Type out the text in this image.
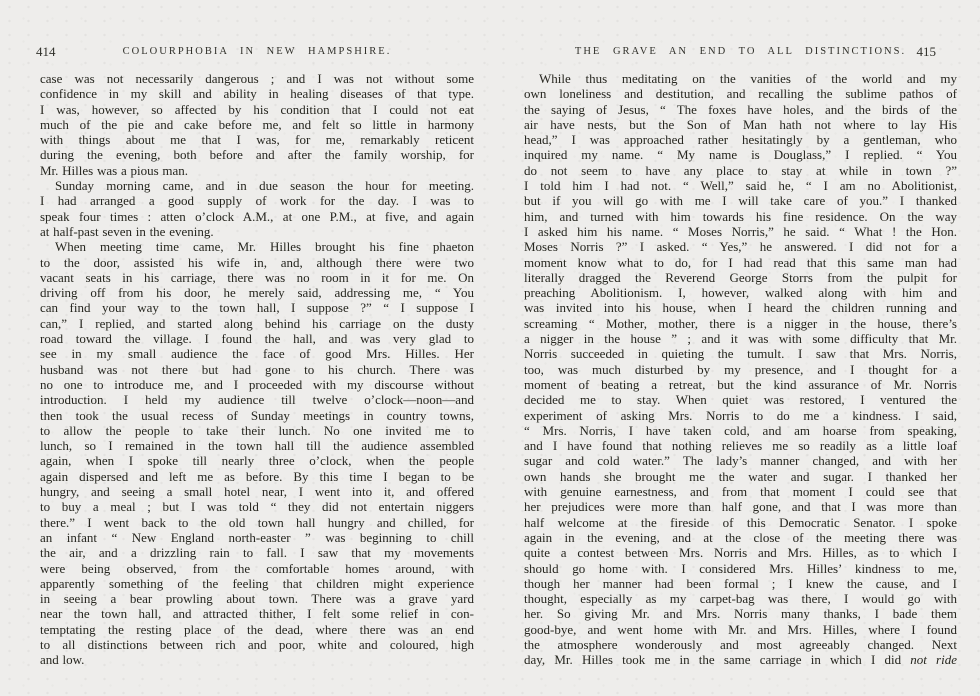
414	COLOURPHOBIA IN NEW HAMPSHIRE.
case was not necessarily dangerous ; and I was not without some
confidence in my skill and ability in healing diseases of that type.
I was, however, so affected by his condition that I could not eat
much of the pie and cake before me, and felt so little in harmony
with things about me that I was, for me, remarkably reticent
during the evening, both before and after the family worship, for
Mr. Hilles was a pious man.
Sunday morning came, and in due season the hour for meeting.
I had arranged a good supply of work for the day. I was to
speak four times : atten o’clock A.M., at one P.M., at five, and again
at half-past seven in the evening.
When meeting time came, Mr. Hilles brought his fine phaeton
to the door, assisted his wife in, and, although there were two
vacant seats in his carriage, there was no room in it for me. On
driving off from his door, he merely said, addressing me, “ You
can find your way to the town hall, I suppose ?” “ I suppose I
can,” I replied, and started along behind his carriage on the dusty
road toward the village. I found the hall, and was very glad to
see in my small audience the face of good Mrs. Hilles. Her
husband was not there but had gone to his church. There was
no one to introduce me, and I proceeded with my discourse without
introduction. I held my audience till twelve o’clock—noon—and
then took the usual recess of Sunday meetings in country towns,
to allow the people to take their lunch. No one invited me to
lunch, so I remained in the town hall till the audience assembled
again, when I spoke till nearly three o’clock, when the people
again dispersed and left me as before. By this time I began to be
hungry, and seeing a small hotel near, I went into it, and offered
to buy a meal ; but I was told “ they did not entertain niggers
there.” I went back to the old town hall hungry and chilled, for
an infant “ New England north-easter ” was beginning to chill
the air, and a drizzling rain to fall. I saw that my movements
were being observed, from the comfortable homes around, with
apparently something of the feeling that children might experience
in seeing a bear prowling about town. There was a grave yard
near the town hall, and attracted thither, I felt some relief in con-
temptating the resting place of the dead, where there was an end
to all distinctions between rich and poor, white and coloured, high
and low.
THE GRAVE AN END TO ALL DISTINCTIONS. 415
While thus meditating on the vanities of the world and my
own loneliness and destitution, and recalling the sublime pathos of
the saying of Jesus, “ The foxes have holes, and the birds of the
air have nests, but the Son of Man hath not where to lay His
head,” I was approached rather hesitatingly by a gentleman, who
inquired my name. “ My name is Douglass,” I replied. “ You
do not seem to have any place to stay at while in town ?”
I told him I had not. “ Well,” said he, “ I am no Abolitionist,
but if you will go with me I will take care of you.” I thanked
him, and turned with him towards his fine residence. On the way
I asked him his name. “ Moses Norris,” he said. “ What ! the Hon.
Moses Norris ?” I asked. “ Yes,” he answered. I did not for a
moment know what to do, for I had read that this same man had
literally dragged the Reverend George Storrs from the pulpit for
preaching Abolitionism. I, however, walked along with him and
was invited into his house, when I heard the children running and
screaming “ Mother, mother, there is a nigger in the house, there’s
a nigger in the house ” ; and it was with some difficulty that Mr.
Norris succeeded in quieting the tumult. I saw that Mrs. Norris,
too, was much disturbed by my presence, and I thought for a
moment of beating a retreat, but the kind assurance of Mr. Norris
decided me to stay. When quiet was restored, I ventured the
experiment of asking Mrs. Norris to do me a kindness. I said,
“ Mrs. Norris, I have taken cold, and am hoarse from speaking,
and I have found that nothing relieves me so readily as a little loaf
sugar and cold water.” The lady’s manner changed, and with her
own hands she brought me the water and sugar. I thanked her
with genuine earnestness, and from that moment I could see that
her prejudices were more than half gone, and that I was more than
half welcome at the fireside of this Democratic Senator. I spoke
again in the evening, and at the close of the meeting there was
quite a contest between Mrs. Norris and Mrs. Hilles, as to which I
should go home with. I considered Mrs. Hilles’ kindness to me,
though her manner had been formal ; I knew the cause, and I
thought, especially as my carpet-bag was there, I would go with
her. So giving Mr. and Mrs. Norris many thanks, I bade them
good-bye, and went home with Mr. and Mrs. Hilles, where I found
the atmosphere wonderously and most agreeably changed. Next
day, Mr. Hilles took me in the same carriage in which I did not ride
